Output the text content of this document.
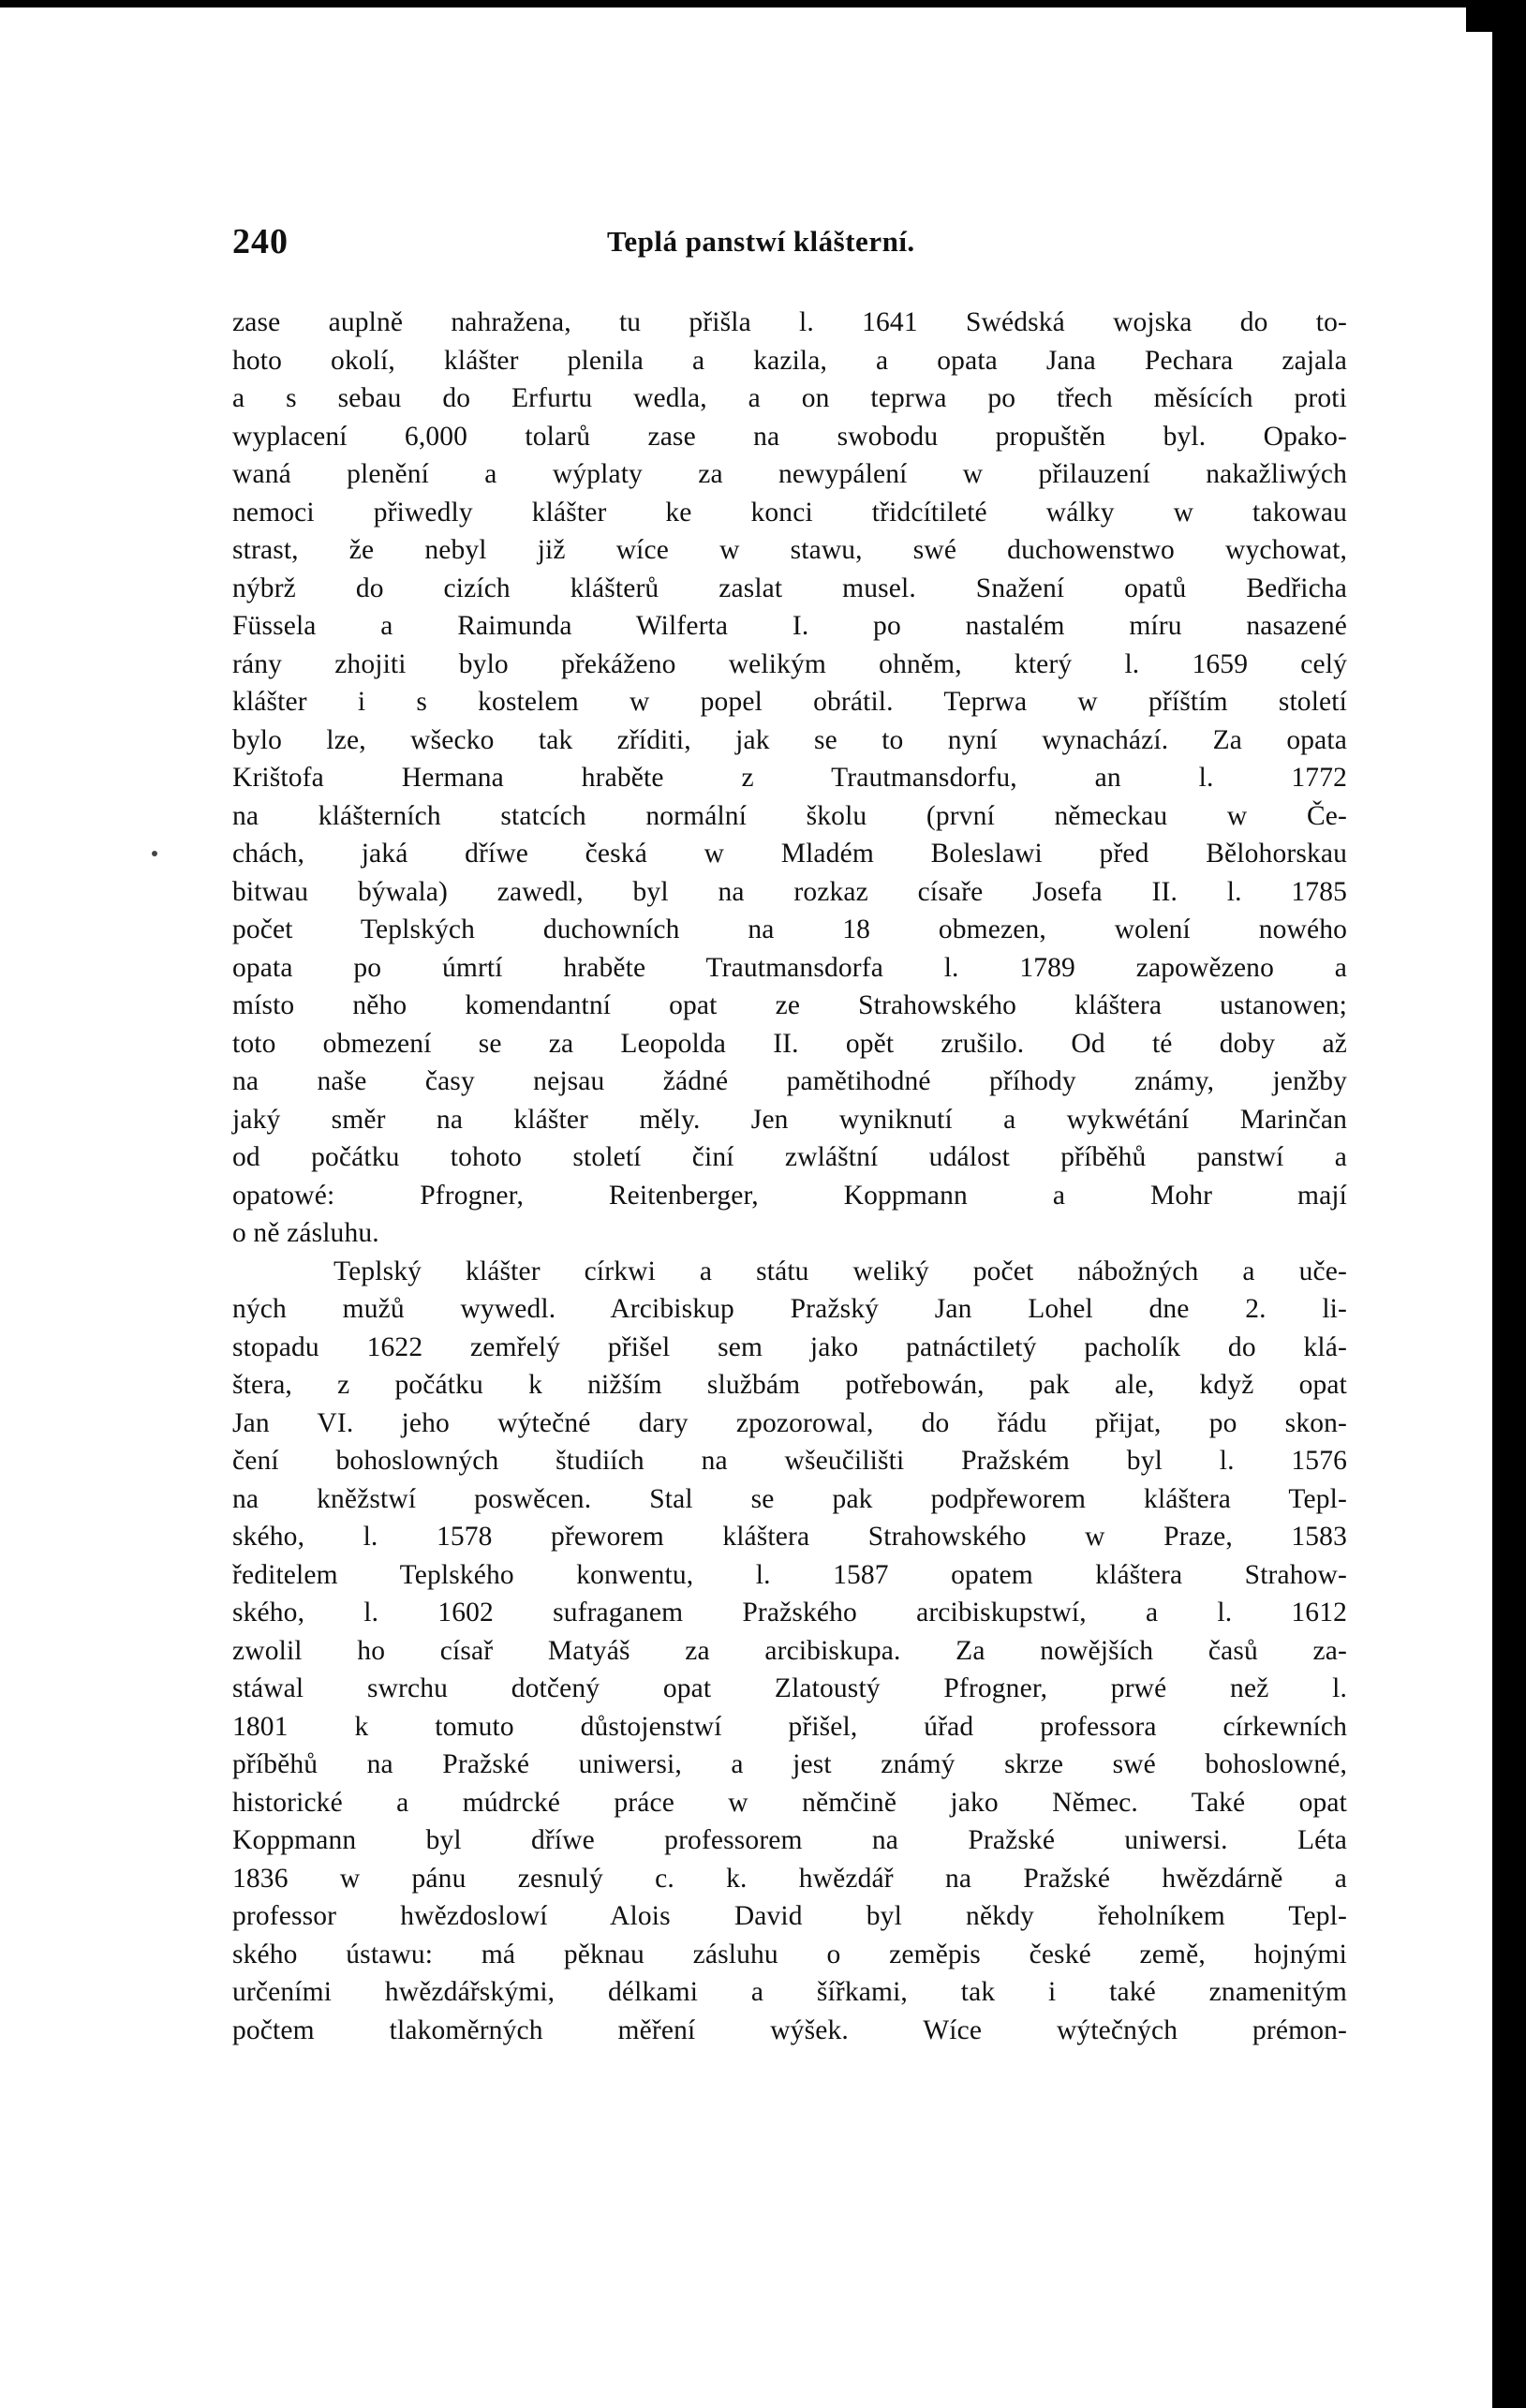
240	Teplá panstwí klášterní.
zase auplně nahražena, tu přišla l. 1641 Swédská wojska do to-
hoto okolí, klášter plenila a kazila, a opata Jana Pechara zajala
a s sebau do Erfurtu wedla, a on teprwa po třech měsících proti
wyplacení 6,000 tolarů zase na swobodu propuštěn byl. Opako-
waná plenění a wýplaty za newypálení w přilauzení nakažliwých
nemoci přiwedly klášter ke konci třidcítileté wálky w takowau
strast, že nebyl již wíce w stawu, swé duchowenstwo wychowat,
nýbrž do cizích klášterů zaslat musel. Snažení opatů Bedřicha
Füssela a Raimunda Wilferta I. po nastalém míru nasazené
rány zhojiti bylo překáženo welikým ohněm, který l. 1659 celý
klášter i s kostelem w popel obrátil. Teprwa w příštím století
bylo lze, wšecko tak zříditi, jak se to nyní wynachází. Za opata
Krištofa Hermana hraběte z Trautmansdorfu, an l. 1772
na klášterních statcích normální školu (první německau w Če-
chách, jaká dříwe česká w Mladém Boleslawi před Bělohorskau
bitwau býwala) zawedl, byl na rozkaz císaře Josefa II. l. 1785
počet Teplských duchowních na 18 obmezen, wolení nowého
opata po úmrtí hraběte Trautmansdorfa l. 1789 zapowězeno a
místo něho komendantní opat ze Strahowského kláštera ustanowen;
toto obmezení se za Leopolda II. opět zrušilo. Od té doby až
na naše časy nejsau žádné pamětihodné příhody známy, jenžby
jaký směr na klášter měly. Jen wyniknutí a wykwétání Marinčan
od počátku tohoto století činí zwláštní událost příběhů panstwí a
opatowé: Pfrogner, Reitenberger, Koppmann a Mohr mají
o ně zásluhu.
Teplský klášter církwi a státu weliký počet nábožných a uče-
ných mužů wywedl. Arcibiskup Pražský Jan Lohel dne 2. li-
stopadu 1622 zemřelý přišel sem jako patnáctiletý pacholík do klá-
štera, z počátku k nižším službám potřebowán, pak ale, když opat
Jan VI. jeho wýtečné dary zpozorowal, do řádu přijat, po skon-
čení bohoslowných študiích na wšeučilišti Pražském byl l. 1576
na kněžstwí poswěcen. Stal se pak podpřeworem kláštera Tepl-
ského, l. 1578 přeworem kláštera Strahowského w Praze, 1583
ředitelem Teplského konwentu, l. 1587 opatem kláštera Strahow-
ského, l. 1602 sufraganem Pražského arcibiskupstwí, a l. 1612
zwolil ho císař Matyáš za arcibiskupa. Za nowějších časů za-
stáwal swrchu dotčený opat Zlatoustý Pfrogner, prwé než l.
1801 k tomuto důstojenstwí přišel, úřad professora církewních
příběhů na Pražské uniwersi, a jest známý skrze swé bohoslowné,
historické a múdrcké práce w němčině jako Němec. Také opat
Koppmann byl dříwe professorem na Pražské uniwersi. Léta
1836 w pánu zesnulý c. k. hwězdář na Pražské hwězdárně a
professor hwězdoslowí Alois David byl někdy řeholníkem Tepl-
ského ústawu: má pěknau zásluhu o zeměpis české země, hojnými
určeními hwězdářskými, délkami a šířkami, tak i také znamenitým
počtem tlakoměrných měření wýšek. Wíce wýtečných prémon-
